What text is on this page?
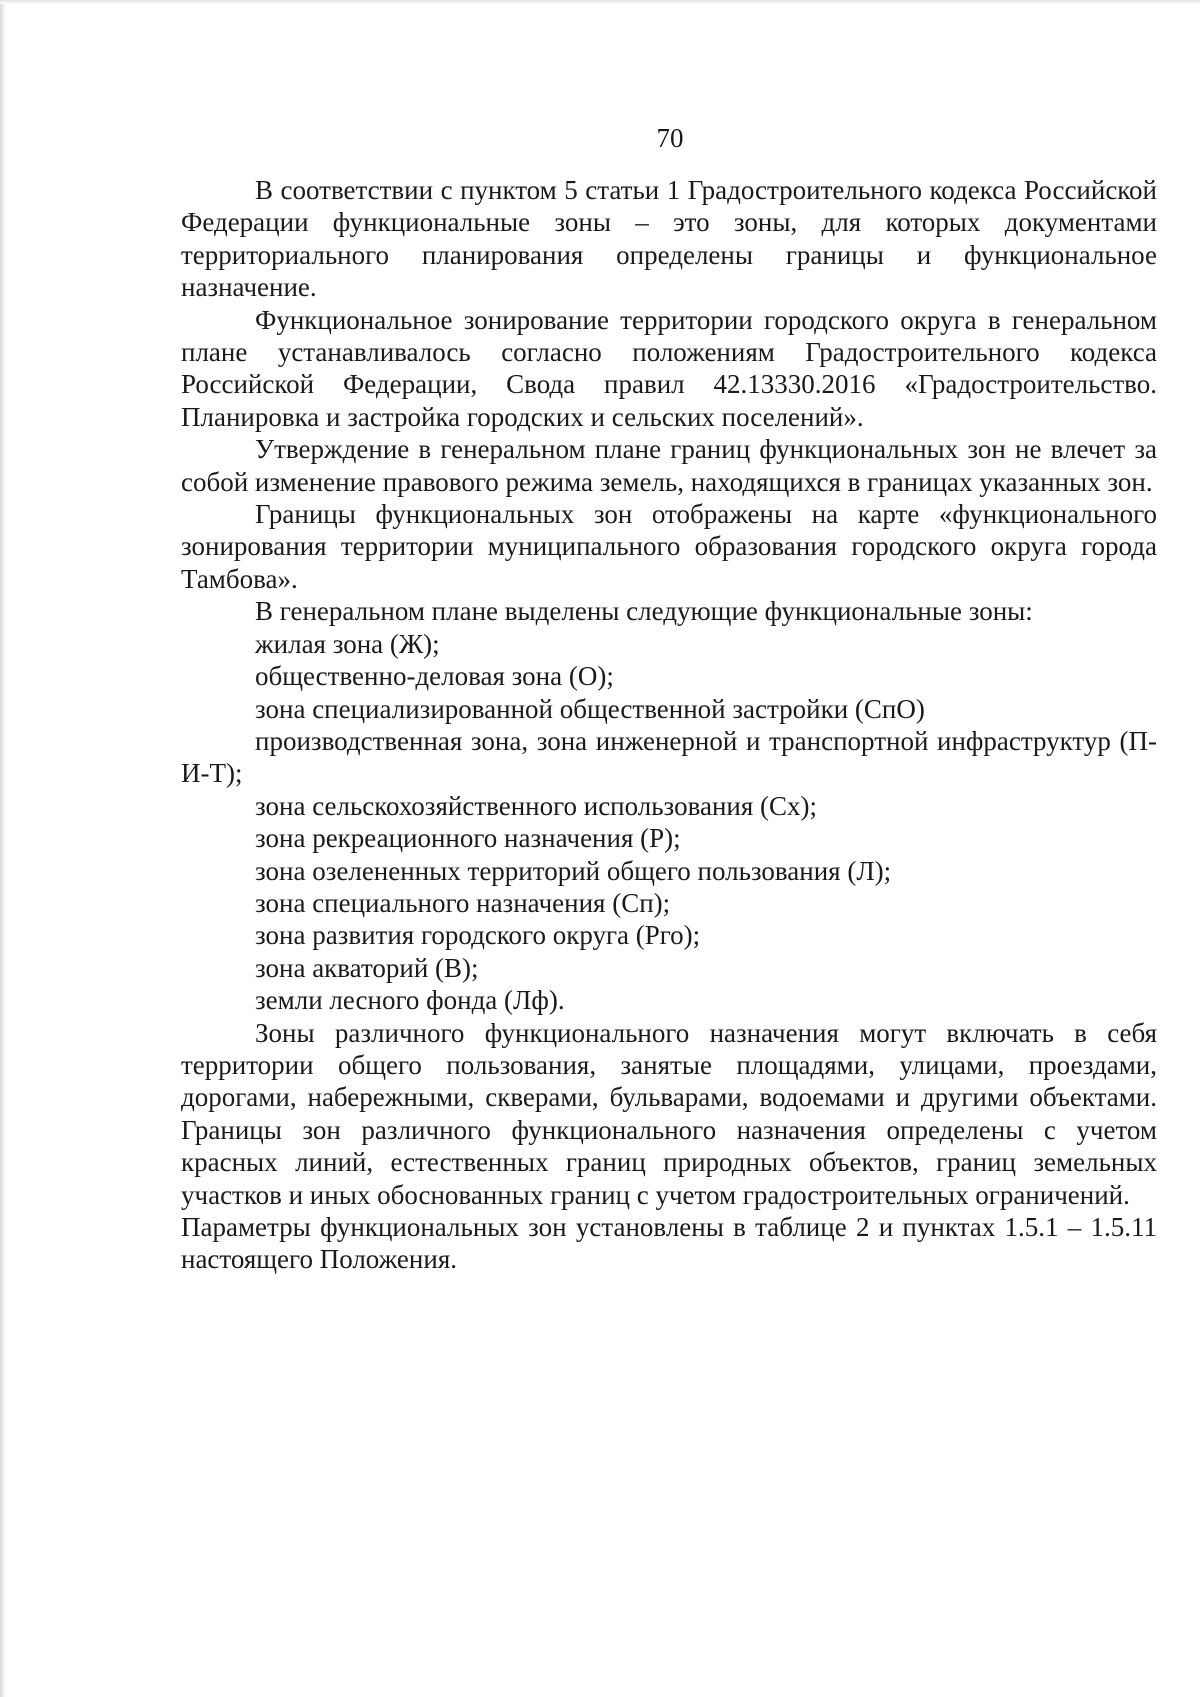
70

В соответствии с пунктом 5 статьи 1 Градостроительного кодекса Российской Федерации функциональные зоны – это зоны, для которых документами территориального планирования определены границы и функциональное назначение.

Функциональное зонирование территории городского округа в генеральном плане устанавливалось согласно положениям Градостроительного кодекса Российской Федерации, Свода правил 42.13330.2016 «Градостроительство. Планировка и застройка городских и сельских поселений».

Утверждение в генеральном плане границ функциональных зон не влечет за собой изменение правового режима земель, находящихся в границах указанных зон.

Границы функциональных зон отображены на карте «функционального зонирования территории муниципального образования городского округа города Тамбова».

В генеральном плане выделены следующие функциональные зоны:

жилая зона (Ж);

общественно-деловая зона (О);

зона специализированной общественной застройки (СпО)

производственная зона, зона инженерной и транспортной инфраструктур (П-И-Т);

зона сельскохозяйственного использования (Сх);

зона рекреационного назначения (Р);

зона озелененных территорий общего пользования (Л);

зона специального назначения (Сп);

зона развития городского округа (Рго);

зона акваторий (В);

земли лесного фонда (Лф).

Зоны различного функционального назначения могут включать в себя территории общего пользования, занятые площадями, улицами, проездами, дорогами, набережными, скверами, бульварами, водоемами и другими объектами. Границы зон различного функционального назначения определены с учетом красных линий, естественных границ природных объектов, границ земельных участков и иных обоснованных границ с учетом градостроительных ограничений.

Параметры функциональных зон установлены в таблице 2 и пунктах 1.5.1 – 1.5.11 настоящего Положения.
